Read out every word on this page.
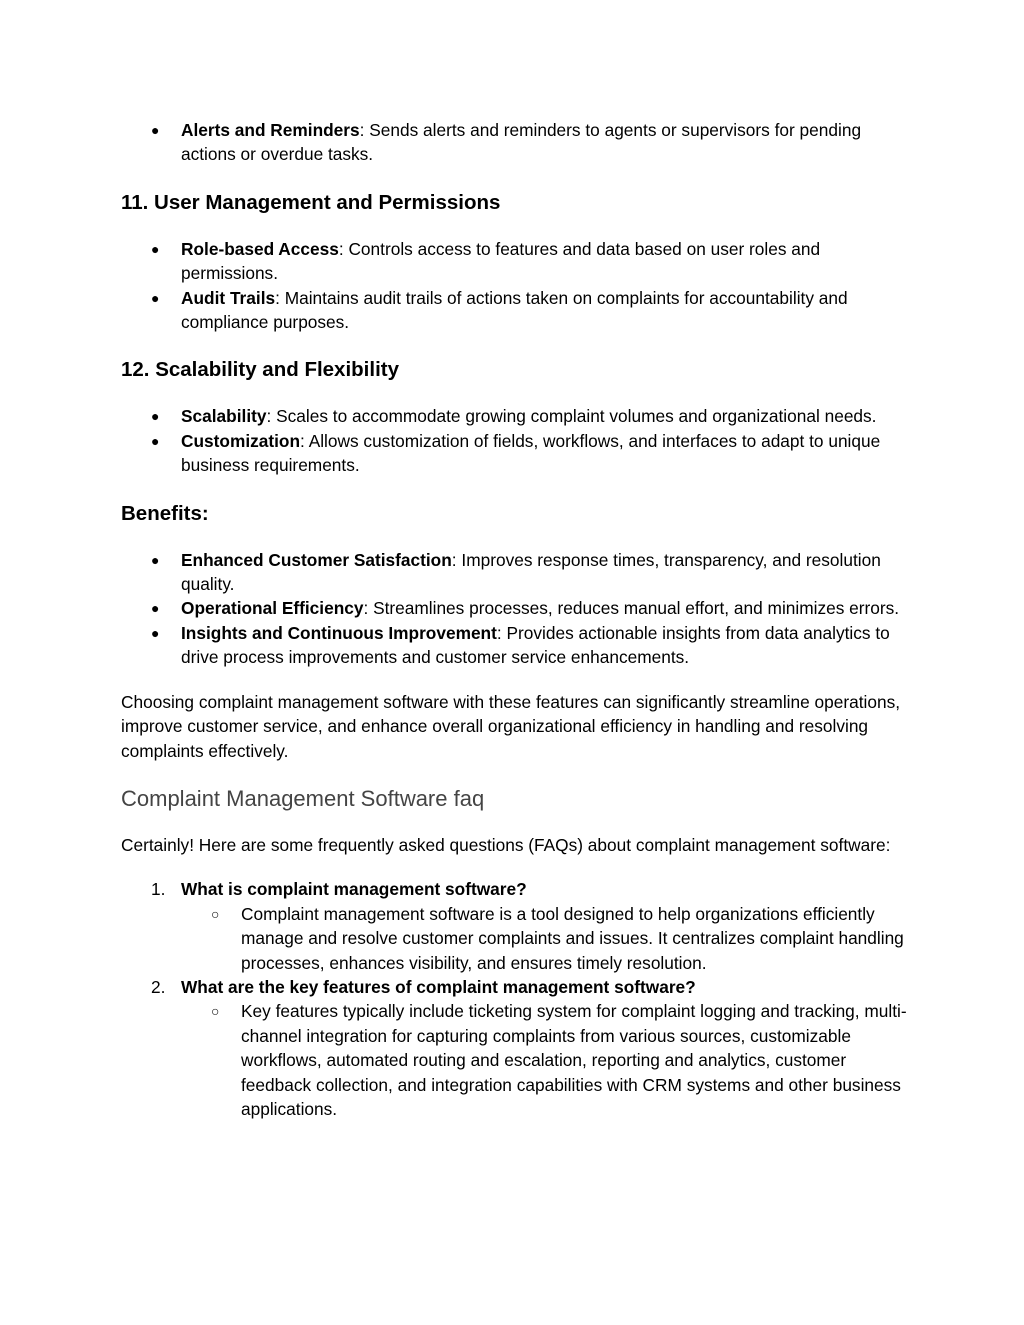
● Alerts and Reminders: Sends alerts and reminders to agents or supervisors for pending actions or overdue tasks.
11. User Management and Permissions
● Role-based Access: Controls access to features and data based on user roles and permissions.
● Audit Trails: Maintains audit trails of actions taken on complaints for accountability and compliance purposes.
12. Scalability and Flexibility
● Scalability: Scales to accommodate growing complaint volumes and organizational needs.
● Customization: Allows customization of fields, workflows, and interfaces to adapt to unique business requirements.
Benefits:
● Enhanced Customer Satisfaction: Improves response times, transparency, and resolution quality.
● Operational Efficiency: Streamlines processes, reduces manual effort, and minimizes errors.
● Insights and Continuous Improvement: Provides actionable insights from data analytics to drive process improvements and customer service enhancements.

Choosing complaint management software with these features can significantly streamline operations, improve customer service, and enhance overall organizational efficiency in handling and resolving complaints effectively.

Complaint Management Software faq

Certainly! Here are some frequently asked questions (FAQs) about complaint management software:

1. What is complaint management software?
○ Complaint management software is a tool designed to help organizations efficiently manage and resolve customer complaints and issues. It centralizes complaint handling processes, enhances visibility, and ensures timely resolution.
2. What are the key features of complaint management software?
○ Key features typically include ticketing system for complaint logging and tracking, multi-channel integration for capturing complaints from various sources, customizable workflows, automated routing and escalation, reporting and analytics, customer feedback collection, and integration capabilities with CRM systems and other business applications.
